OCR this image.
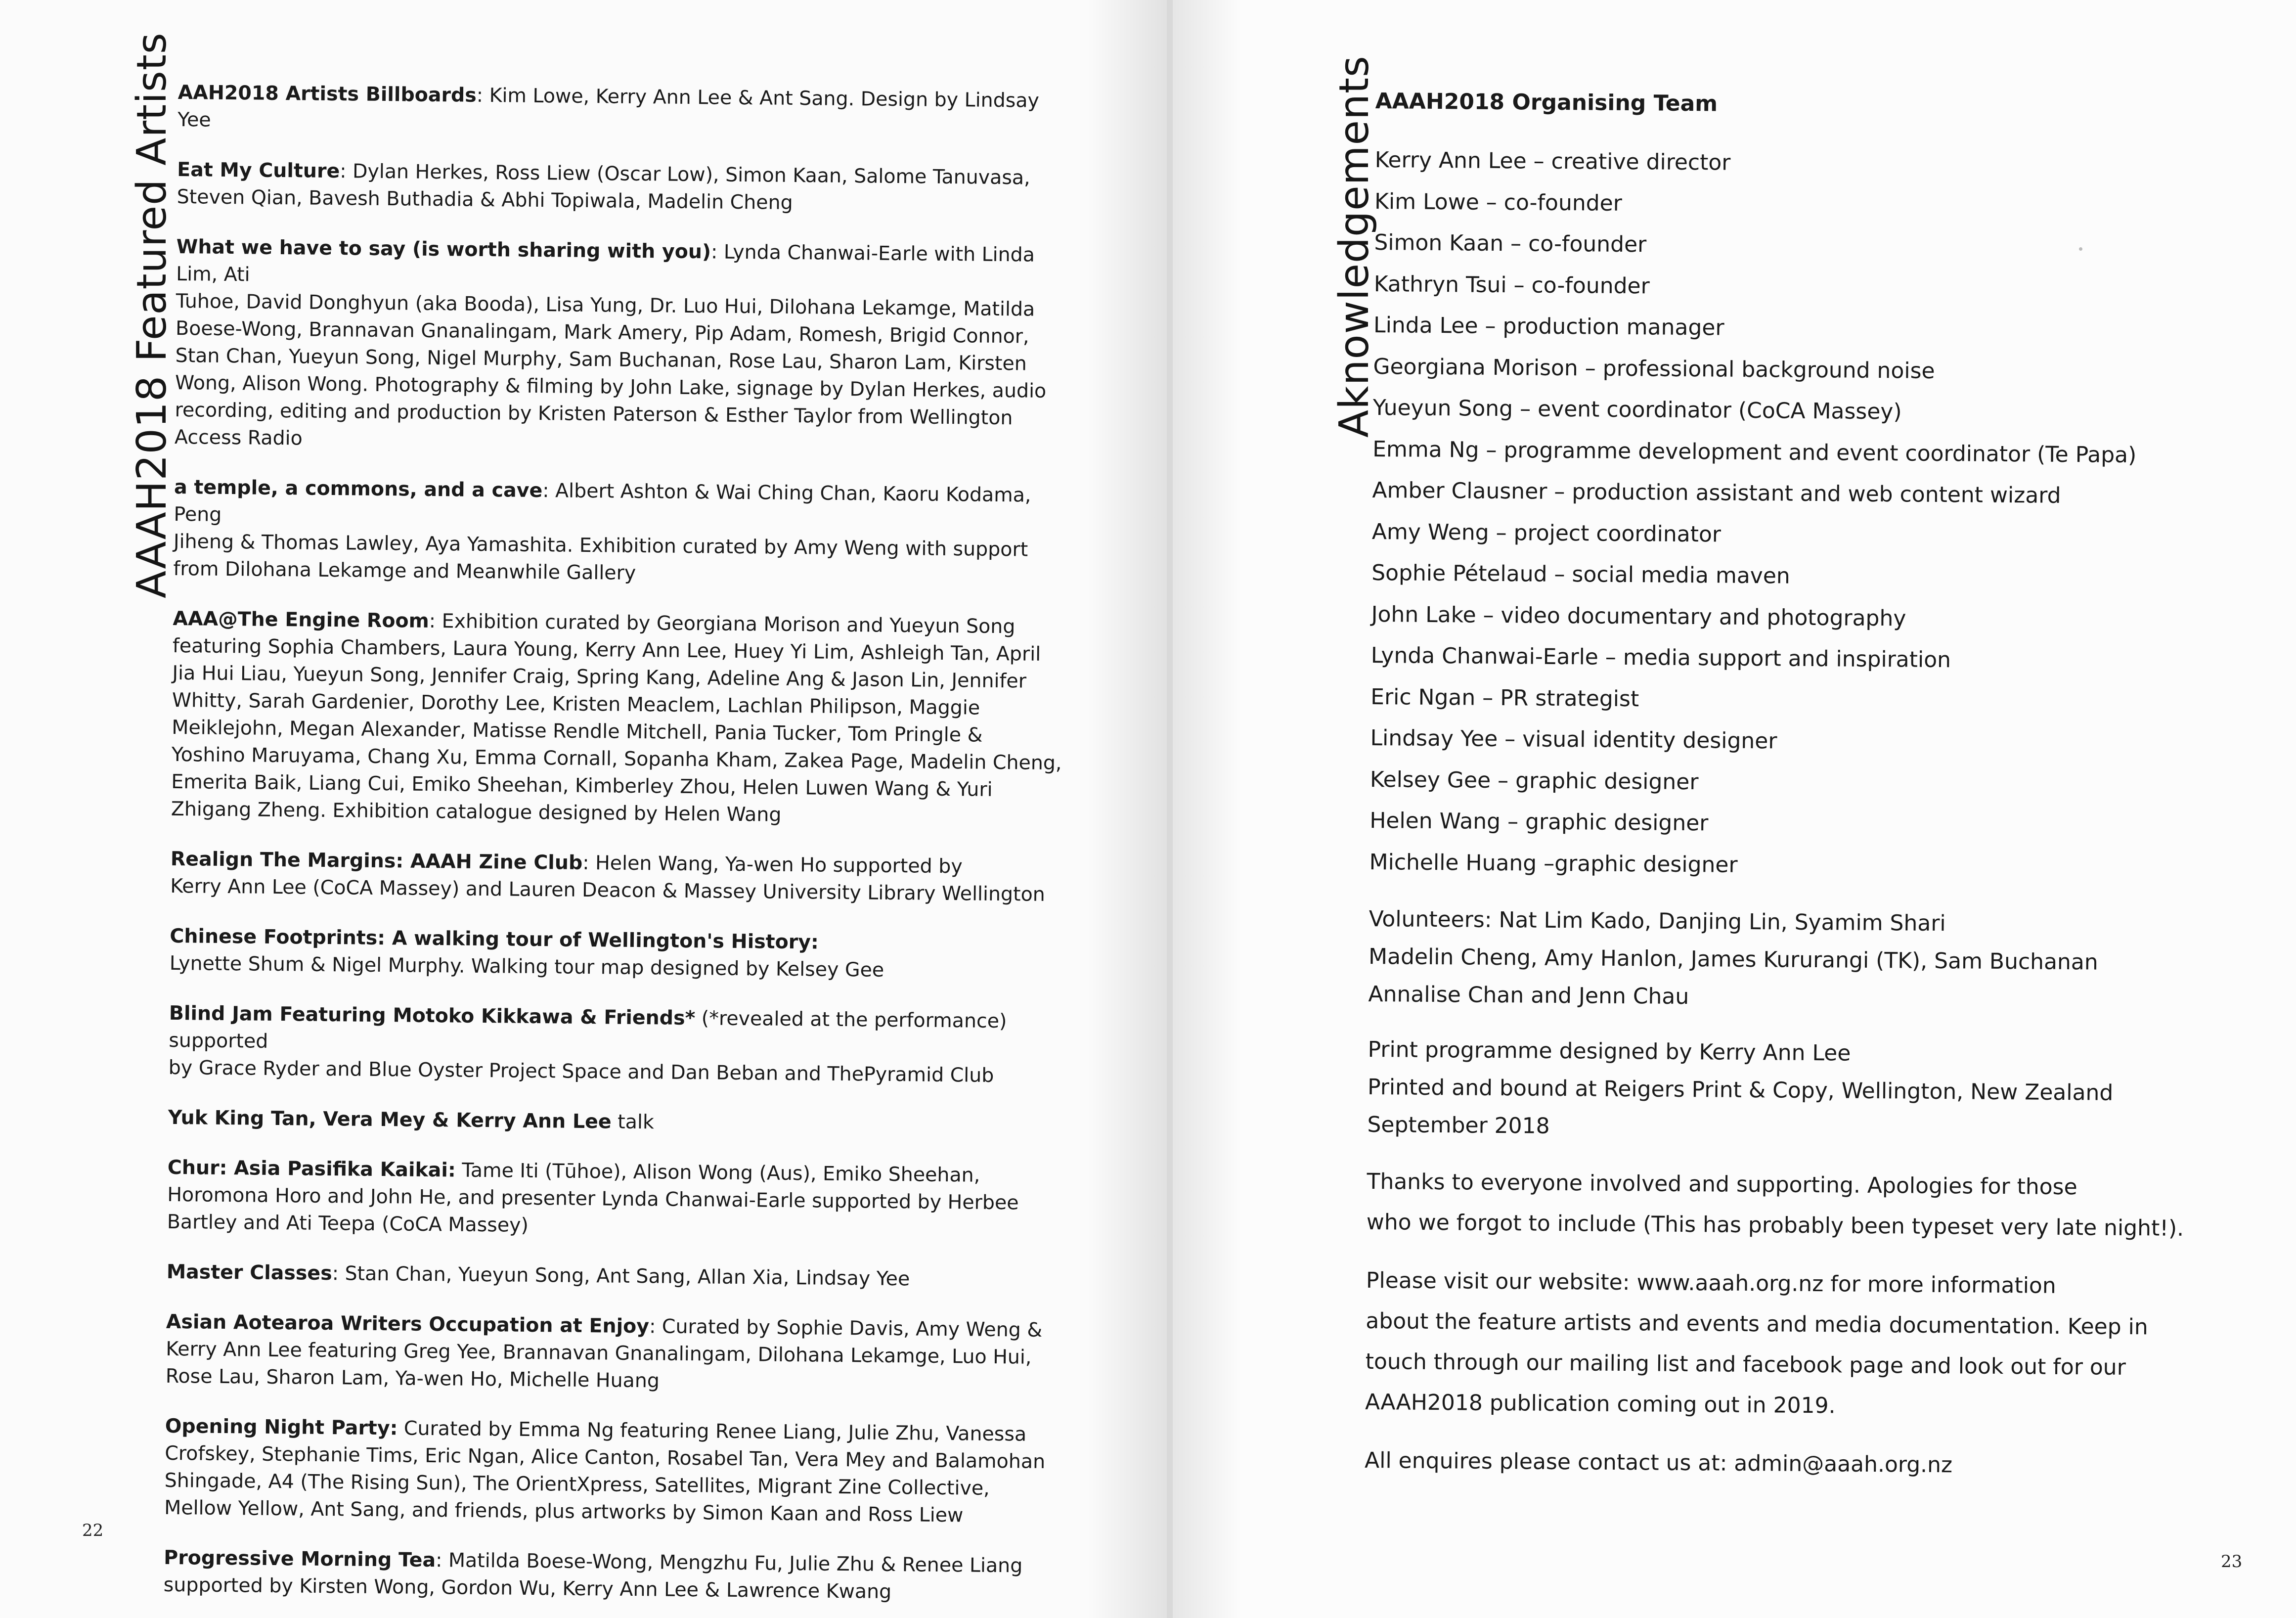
AAAH2018 Featured Artists AAH2018 Artists Billboards: Kim Lowe, Kerry Ann Lee & Ant Sang. Design by Lindsay Yee
Eat My Culture: Dylan Herkes, Ross Liew (Oscar Low), Simon Kaan, Salome Tanuvasa,
Steven Qian, Bavesh Buthadia & Abhi Topiwala, Madelin Cheng
What we have to say (is worth sharing with you): Lynda Chanwai-Earle with Linda Lim, Ati
Tuhoe, David Donghyun (aka Booda), Lisa Yung, Dr. Luo Hui, Dilohana Lekamge, Matilda
Boese-Wong, Brannavan Gnanalingam, Mark Amery, Pip Adam, Romesh, Brigid Connor,
Stan Chan, Yueyun Song, Nigel Murphy, Sam Buchanan, Rose Lau, Sharon Lam, Kirsten
Wong, Alison Wong. Photography & filming by John Lake, signage by Dylan Herkes, audio
recording, editing and production by Kristen Paterson & Esther Taylor from Wellington
Access Radio
a temple, a commons, and a cave: Albert Ashton & Wai Ching Chan, Kaoru Kodama, Peng
Jiheng & Thomas Lawley, Aya Yamashita. Exhibition curated by Amy Weng with support
from Dilohana Lekamge and Meanwhile Gallery
AAA@The Engine Room: Exhibition curated by Georgiana Morison and Yueyun Song
featuring Sophia Chambers, Laura Young, Kerry Ann Lee, Huey Yi Lim, Ashleigh Tan, April
Jia Hui Liau, Yueyun Song, Jennifer Craig, Spring Kang, Adeline Ang & Jason Lin, Jennifer
Whitty, Sarah Gardenier, Dorothy Lee, Kristen Meaclem, Lachlan Philipson, Maggie
Meiklejohn, Megan Alexander, Matisse Rendle Mitchell, Pania Tucker, Tom Pringle &
Yoshino Maruyama, Chang Xu, Emma Cornall, Sopanha Kham, Zakea Page, Madelin Cheng,
Emerita Baik, Liang Cui, Emiko Sheehan, Kimberley Zhou, Helen Luwen Wang & Yuri
Zhigang Zheng. Exhibition catalogue designed by Helen Wang
Realign The Margins: AAAH Zine Club: Helen Wang, Ya-wen Ho supported by
Kerry Ann Lee (CoCA Massey) and Lauren Deacon & Massey University Library Wellington
Chinese Footprints: A walking tour of Wellington's History:
Lynette Shum & Nigel Murphy. Walking tour map designed by Kelsey Gee
Blind Jam Featuring Motoko Kikkawa & Friends* (*revealed at the performance) supported
by Grace Ryder and Blue Oyster Project Space and Dan Beban and ThePyramid Club
Yuk King Tan, Vera Mey & Kerry Ann Lee talk
Chur: Asia Pasifika Kaikai: Tame Iti (Tūhoe), Alison Wong (Aus), Emiko Sheehan,
Horomona Horo and John He, and presenter Lynda Chanwai-Earle supported by Herbee
Bartley and Ati Teepa (CoCA Massey)
Master Classes: Stan Chan, Yueyun Song, Ant Sang, Allan Xia, Lindsay Yee
Asian Aotearoa Writers Occupation at Enjoy: Curated by Sophie Davis, Amy Weng &
Kerry Ann Lee featuring Greg Yee, Brannavan Gnanalingam, Dilohana Lekamge, Luo Hui,
Rose Lau, Sharon Lam, Ya-wen Ho, Michelle Huang
Opening Night Party: Curated by Emma Ng featuring Renee Liang, Julie Zhu, Vanessa
Crofskey, Stephanie Tims, Eric Ngan, Alice Canton, Rosabel Tan, Vera Mey and Balamohan
Shingade, A4 (The Rising Sun), The OrientXpress, Satellites, Migrant Zine Collective,
Mellow Yellow, Ant Sang, and friends, plus artworks by Simon Kaan and Ross Liew
Progressive Morning Tea: Matilda Boese-Wong, Mengzhu Fu, Julie Zhu & Renee Liang
supported by Kirsten Wong, Gordon Wu, Kerry Ann Lee & Lawrence Kwang
22
Aknowledgements
AAAH2018 Organising Team
Kerry Ann Lee – creative director
Kim Lowe – co-founder
Simon Kaan – co-founder
Kathryn Tsui – co-founder
Linda Lee – production manager
Georgiana Morison – professional background noise
Yueyun Song – event coordinator (CoCA Massey)
Emma Ng – programme development and event coordinator (Te Papa)
Amber Clausner – production assistant and web content wizard
Amy Weng – project coordinator
Sophie Pételaud – social media maven
John Lake – video documentary and photography
Lynda Chanwai-Earle – media support and inspiration
Eric Ngan – PR strategist
Lindsay Yee – visual identity designer
Kelsey Gee – graphic designer
Helen Wang – graphic designer
Michelle Huang –graphic designer
Volunteers: Nat Lim Kado, Danjing Lin, Syamim Shari
Madelin Cheng, Amy Hanlon, James Kururangi (TK), Sam Buchanan
Annalise Chan and Jenn Chau
Print programme designed by Kerry Ann Lee
Printed and bound at Reigers Print & Copy, Wellington, New Zealand
September 2018
Thanks to everyone involved and supporting. Apologies for those
who we forgot to include (This has probably been typeset very late night!).
Please visit our website: www.aaah.org.nz for more information
about the feature artists and events and media documentation. Keep in
touch through our mailing list and facebook page and look out for our
AAAH2018 publication coming out in 2019.
All enquires please contact us at: admin@aaah.org.nz
23
